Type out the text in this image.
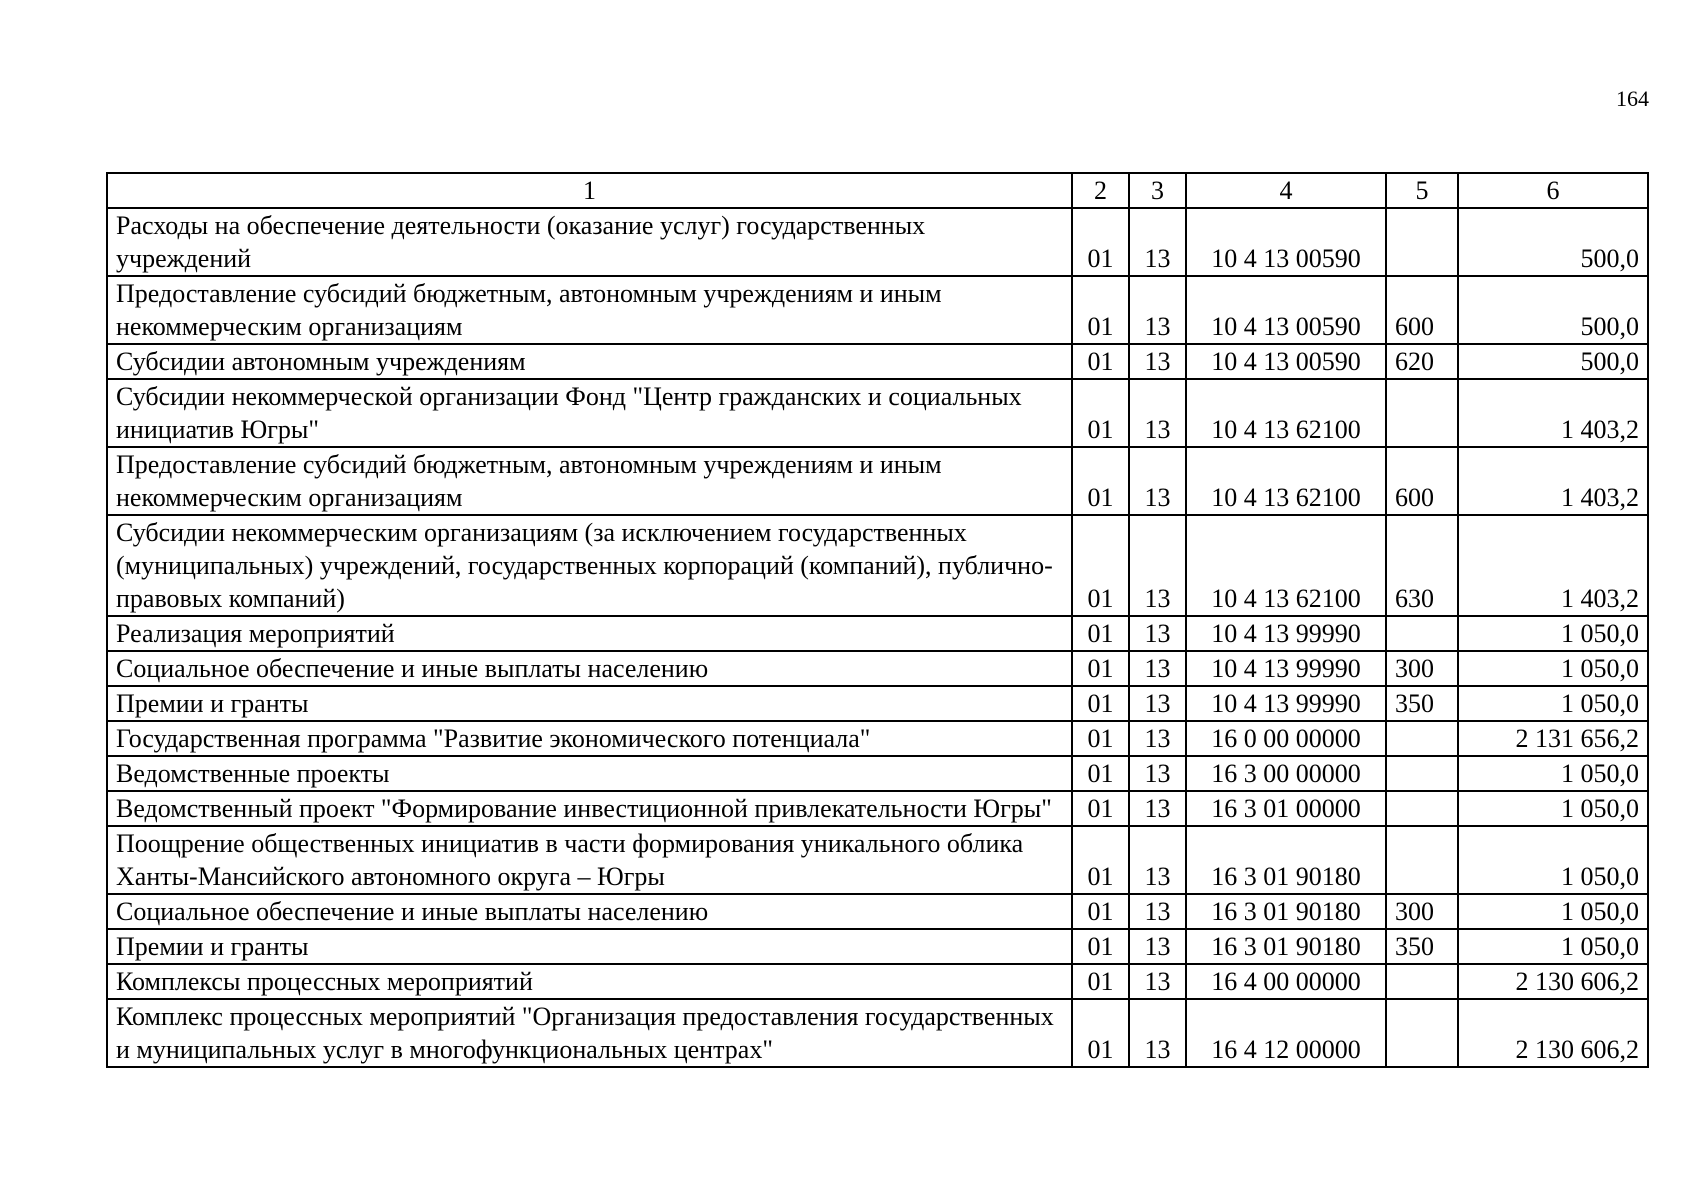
164
1	2	3	4	5	6
Расходы на обеспечение деятельности (оказание услуг) государственных учреждений	01	13	10 4 13 00590		500,0
Предоставление субсидий бюджетным, автономным учреждениям и иным некоммерческим организациям	01	13	10 4 13 00590	600	500,0
Субсидии автономным учреждениям	01	13	10 4 13 00590	620	500,0
Субсидии некоммерческой организации Фонд "Центр гражданских и социальных инициатив Югры"	01	13	10 4 13 62100		1 403,2
Предоставление субсидий бюджетным, автономным учреждениям и иным некоммерческим организациям	01	13	10 4 13 62100	600	1 403,2
Субсидии некоммерческим организациям (за исключением государственных (муниципальных) учреждений, государственных корпораций (компаний), публично-правовых компаний)	01	13	10 4 13 62100	630	1 403,2
Реализация мероприятий	01	13	10 4 13 99990		1 050,0
Социальное обеспечение и иные выплаты населению	01	13	10 4 13 99990	300	1 050,0
Премии и гранты	01	13	10 4 13 99990	350	1 050,0
Государственная программа "Развитие экономического потенциала"	01	13	16 0 00 00000		2 131 656,2
Ведомственные проекты	01	13	16 3 00 00000		1 050,0
Ведомственный проект "Формирование инвестиционной привлекательности Югры"	01	13	16 3 01 00000		1 050,0
Поощрение общественных инициатив в части формирования уникального облика Ханты-Мансийского автономного округа – Югры	01	13	16 3 01 90180		1 050,0
Социальное обеспечение и иные выплаты населению	01	13	16 3 01 90180	300	1 050,0
Премии и гранты	01	13	16 3 01 90180	350	1 050,0
Комплексы процессных мероприятий	01	13	16 4 00 00000		2 130 606,2
Комплекс процессных мероприятий "Организация предоставления государственных и муниципальных услуг в многофункциональных центрах"	01	13	16 4 12 00000		2 130 606,2
